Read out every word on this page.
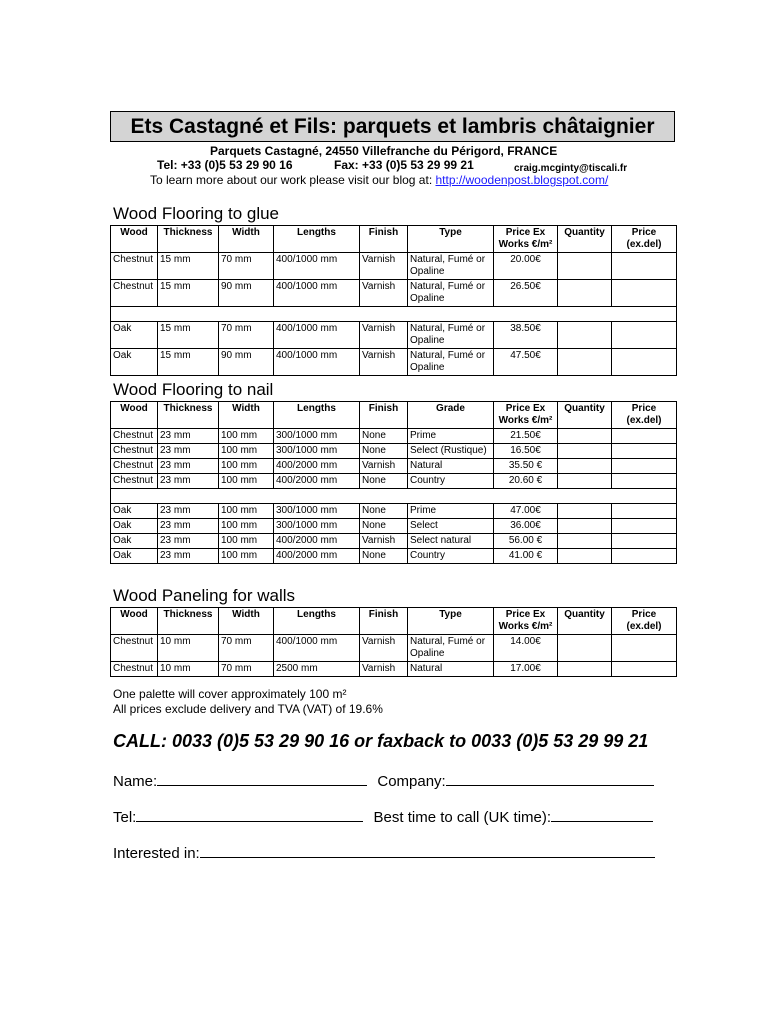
Ets Castagné et Fils: parquets et lambris châtaignier
Parquets Castagné, 24550 Villefranche du Périgord, FRANCE
Tel: +33 (0)5 53 29 90 16	Fax: +33 (0)5 53 29 99 21	craig.mcginty@tiscali.fr
To learn more about our work please visit our blog at: http://woodenpost.blogspot.com/
Wood Flooring to glue
Wood	Thickness	Width	Lengths	Finish	Type	Price Ex Works €/m²	Quantity	Price (ex.del)
Chestnut	15 mm	70 mm	400/1000 mm	Varnish	Natural, Fumé or Opaline	20.00€		
Chestnut	15 mm	90 mm	400/1000 mm	Varnish	Natural, Fumé or Opaline	26.50€		

Oak	15 mm	70 mm	400/1000 mm	Varnish	Natural, Fumé or Opaline	38.50€		
Oak	15 mm	90 mm	400/1000 mm	Varnish	Natural, Fumé or Opaline	47.50€		
Wood Flooring to nail
Wood	Thickness	Width	Lengths	Finish	Grade	Price Ex Works €/m²	Quantity	Price (ex.del)
Chestnut	23 mm	100 mm	300/1000 mm	None	Prime	21.50€		
Chestnut	23 mm	100 mm	300/1000 mm	None	Select (Rustique)	16.50€		
Chestnut	23 mm	100 mm	400/2000 mm	Varnish	Natural	35.50 €		
Chestnut	23 mm	100 mm	400/2000 mm	None	Country	20.60 €		

Oak	23 mm	100 mm	300/1000 mm	None	Prime	47.00€		
Oak	23 mm	100 mm	300/1000 mm	None	Select	36.00€		
Oak	23 mm	100 mm	400/2000 mm	Varnish	Select natural	56.00 €		
Oak	23 mm	100 mm	400/2000 mm	None	Country	41.00 €		
Wood Paneling for walls
Wood	Thickness	Width	Lengths	Finish	Type	Price Ex Works €/m²	Quantity	Price (ex.del)
Chestnut	10 mm	70 mm	400/1000 mm	Varnish	Natural, Fumé or Opaline	14.00€		
Chestnut	10 mm	70 mm	2500 mm	Varnish	Natural	17.00€		
One palette will cover approximately 100 m²
All prices exclude delivery and TVA (VAT) of 19.6%
CALL: 0033 (0)5 53 29 90 16 or faxback to 0033 (0)5 53 29 99 21
Name:	Company:
Tel:	Best time to call (UK time):
Interested in:
